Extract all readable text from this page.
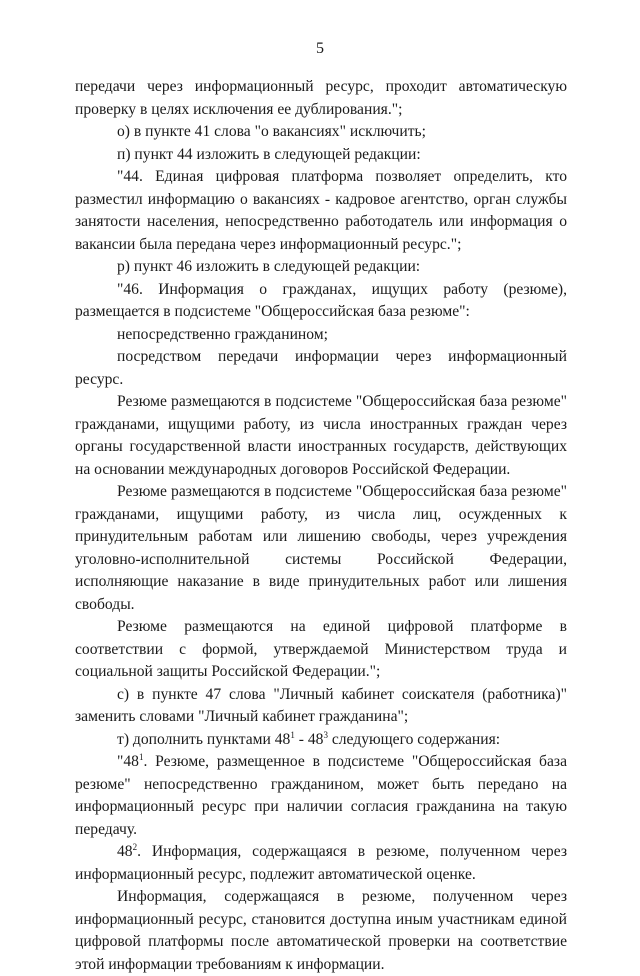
5

передачи через информационный ресурс, проходит автоматическую проверку в целях исключения ее дублирования.";

о) в пункте 41 слова "о вакансиях" исключить;

п) пункт 44 изложить в следующей редакции:

"44. Единая цифровая платформа позволяет определить, кто разместил информацию о вакансиях - кадровое агентство, орган службы занятости населения, непосредственно работодатель или информация о вакансии была передана через информационный ресурс.";

р) пункт 46 изложить в следующей редакции:

"46. Информация о гражданах, ищущих работу (резюме), размещается в подсистеме "Общероссийская база резюме":

непосредственно гражданином;

посредством передачи информации через информационный ресурс.

Резюме размещаются в подсистеме "Общероссийская база резюме" гражданами, ищущими работу, из числа иностранных граждан через органы государственной власти иностранных государств, действующих на основании международных договоров Российской Федерации.

Резюме размещаются в подсистеме "Общероссийская база резюме" гражданами, ищущими работу, из числа лиц, осужденных к принудительным работам или лишению свободы, через учреждения уголовно-исполнительной системы Российской Федерации, исполняющие наказание в виде принудительных работ или лишения свободы.

Резюме размещаются на единой цифровой платформе в соответствии с формой, утверждаемой Министерством труда и социальной защиты Российской Федерации.";

с) в пункте 47 слова "Личный кабинет соискателя (работника)" заменить словами "Личный кабинет гражданина";

т) дополнить пунктами $48^1 - 48^3$ следующего содержания:

"$48^1$. Резюме, размещенное в подсистеме "Общероссийская база резюме" непосредственно гражданином, может быть передано на информационный ресурс при наличии согласия гражданина на такую передачу.

$48^2$. Информация, содержащаяся в резюме, полученном через информационный ресурс, подлежит автоматической оценке.

Информация, содержащаяся в резюме, полученном через информационный ресурс, становится доступна иным участникам единой цифровой платформы после автоматической проверки на соответствие этой информации требованиям к информации.
